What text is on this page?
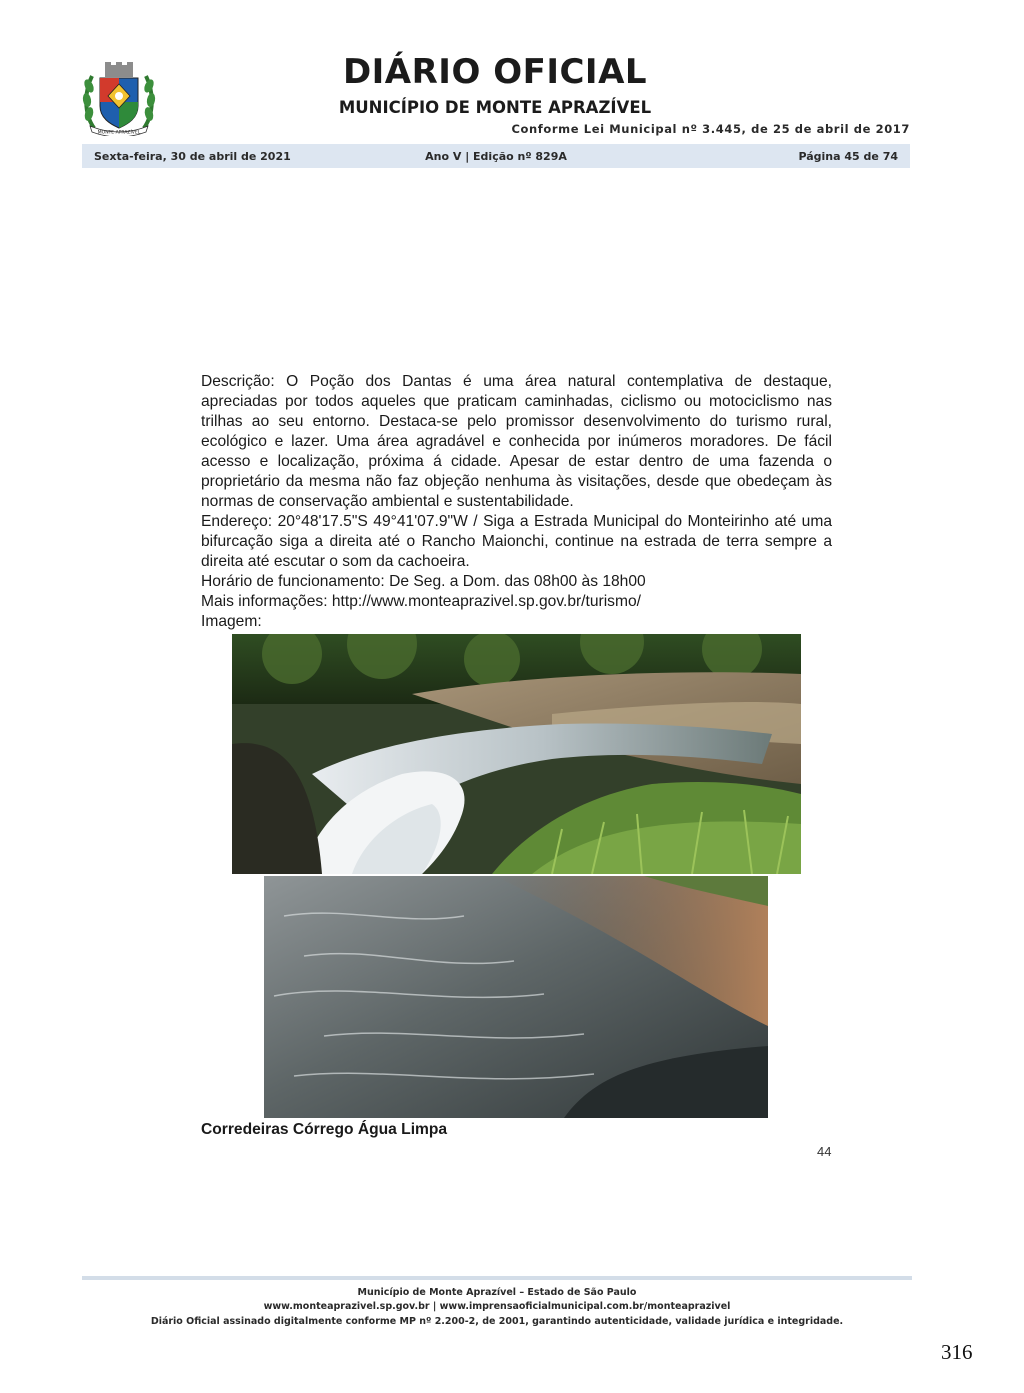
MONTE APRAZÍVEL
DIÁRIO OFICIAL
MUNICÍPIO DE MONTE APRAZÍVEL
Conforme Lei Municipal nº 3.445, de 25 de abril de 2017
Sexta-feira, 30 de abril de 2021	Ano V | Edição nº 829A	Página 45 de 74

Descrição: O Poção dos Dantas é uma área natural contemplativa de destaque, apreciadas por todos aqueles que praticam caminhadas, ciclismo ou motociclismo nas trilhas ao seu entorno. Destaca-se pelo promissor desenvolvimento do turismo rural, ecológico e lazer. Uma área agradável e conhecida por inúmeros moradores. De fácil acesso e localização, próxima á cidade. Apesar de estar dentro de uma fazenda o proprietário da mesma não faz objeção nenhuma às visitações, desde que obedeçam às normas de conservação ambiental e sustentabilidade.

Endereço: 20°48'17.5"S 49°41'07.9"W / Siga a Estrada Municipal do Monteirinho até uma bifurcação siga a direita até o Rancho Maionchi, continue na estrada de terra sempre a direita até escutar o som da cachoeira.

Horário de funcionamento: De Seg. a Dom. das 08h00 às 18h00

Mais informações: http://www.monteaprazivel.sp.gov.br/turismo/

Imagem:

Corredeiras Córrego Água Limpa
44
Município de Monte Aprazível – Estado de São Paulo
www.monteaprazivel.sp.gov.br | www.imprensaoficialmunicipal.com.br/monteaprazivel
Diário Oficial assinado digitalmente conforme MP nº 2.200-2, de 2001, garantindo autenticidade, validade jurídica e integridade.
316
